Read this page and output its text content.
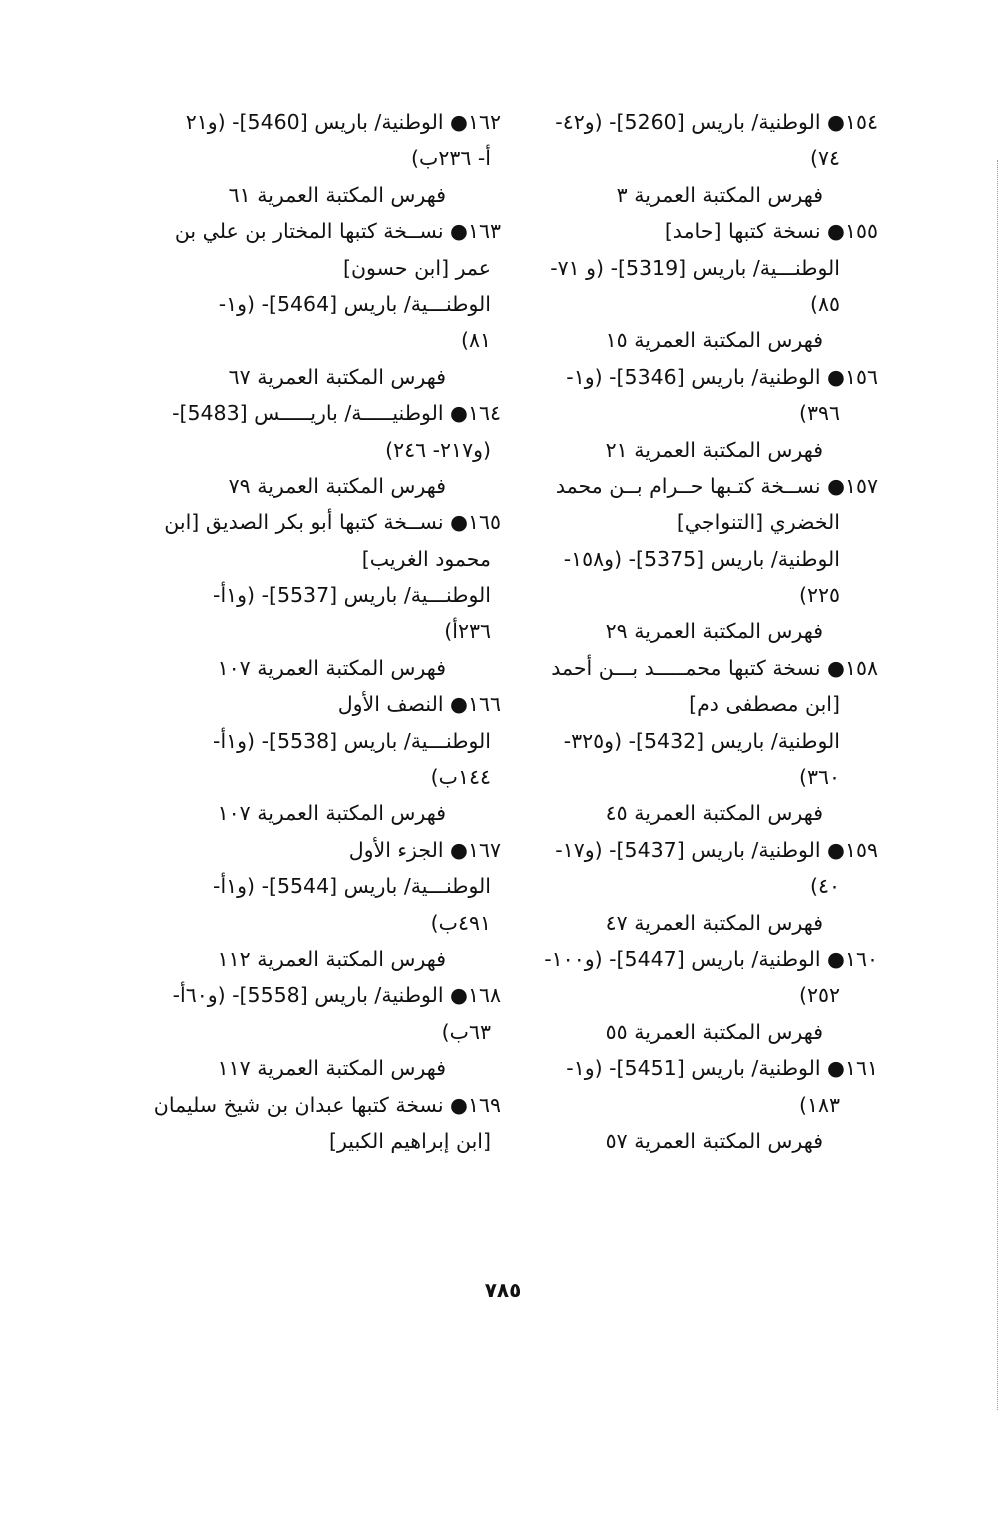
١٥٤● الوطنية/ باريس [5260]- (و٤٢-
٧٤)
فهرس المكتبة العمرية ٣
١٥٥● نسخة كتبها [حامد]
الوطنـــية/ باريس [5319]- (و ٧١-
٨٥)
فهرس المكتبة العمرية ١٥
١٥٦● الوطنية/ باريس [5346]- (و١-
٣٩٦)
فهرس المكتبة العمرية ٢١
١٥٧● نســخة كتـبها حــرام بــن محمد
الخضري [التنواجي]
الوطنية/ باريس [5375]- (و١٥٨-
٢٢٥)
فهرس المكتبة العمرية ٢٩
١٥٨● نسخة كتبها محمـــــد بـــن أحمد
[ابن مصطفى دم]
الوطنية/ باريس [5432]- (و٣٢٥-
٣٦٠)
فهرس المكتبة العمرية ٤٥
١٥٩● الوطنية/ باريس [5437]- (و١٧-
٤٠)
فهرس المكتبة العمرية ٤٧
١٦٠● الوطنية/ باريس [5447]- (و١٠٠-
٢٥٢)
فهرس المكتبة العمرية ٥٥
١٦١● الوطنية/ باريس [5451]- (و١-
١٨٣)
فهرس المكتبة العمرية ٥٧
١٦٢● الوطنية/ باريس [5460]- (و٢١
أ- ٢٣٦ب)
فهرس المكتبة العمرية ٦١
١٦٣● نســخة كتبها المختار بن علي بن
عمر [ابن حسون]
الوطنـــية/ باريس [5464]- (و١-
٨١)
فهرس المكتبة العمرية ٦٧
١٦٤● الوطنيـــــة/ باريـــــس [5483]-
(و٢١٧- ٢٤٦)
فهرس المكتبة العمرية ٧٩
١٦٥● نســخة كتبها أبو بكر الصديق [ابن
محمود الغريب]
الوطنـــية/ باريس [5537]- (و١أ-
٢٣٦أ)
فهرس المكتبة العمرية ١٠٧
١٦٦● النصف الأول
الوطنـــية/ باريس [5538]- (و١أ-
١٤٤ب)
فهرس المكتبة العمرية ١٠٧
١٦٧● الجزء الأول
الوطنـــية/ باريس [5544]- (و١أ-
٤٩١ب)
فهرس المكتبة العمرية ١١٢
١٦٨● الوطنية/ باريس [5558]- (و٦٠أ-
٦٣ب)
فهرس المكتبة العمرية ١١٧
١٦٩● نسخة كتبها عبدان بن شيخ سليمان
[ابن إبراهيم الكبير]
٧٨٥
